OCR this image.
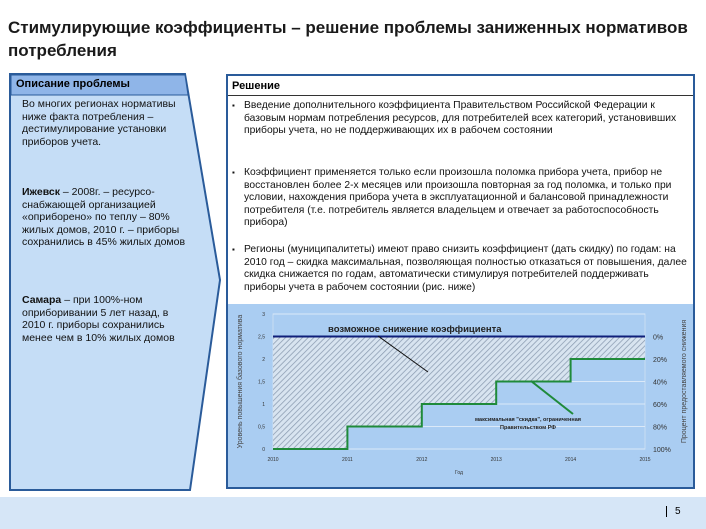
Стимулирующие коэффициенты – решение проблемы заниженных нормативов потребления
Описание проблемы
Во многих регионах нормативы ниже факта потребления – дестимулирование установки приборов учета.
Ижевск – 2008г. – ресурсо-снабжающей организацией «оприборено» по теплу – 80% жилых домов, 2010 г. – приборы сохранились в 45% жилых домов
Самара – при 100%-ном оприборивании 5 лет назад, в 2010 г. приборы сохранились менее чем в 10% жилых домов
Решение
▪ Введение дополнительного коэффициента Правительством Российской Федерации к базовым нормам потребления ресурсов, для потребителей всех категорий, установивших приборы учета, но не поддерживающих их в рабочем состоянии
▪ Коэффициент применяется только если произошла поломка прибора учета, прибор не восстановлен более 2-х месяцев или произошла повторная за год поломка, и только при условии, нахождения прибора учета в эксплуатационной и балансовой принадлежности потребителя (т.е. потребитель является владельцем и отвечает за работоспособность прибора)
▪ Регионы (муниципалитеты) имеют право снизить коэффициент (дать скидку) по годам: на 2010 год – скидка максимальная, позволяющая полностью отказаться от повышения, далее скидка снижается по годам, автоматически стимулируя потребителей поддерживать приборы учета в рабочем состоянии (рис. ниже)
0
0,5
1
1,5
2
2,5
3
2010	2011	2012	2013	2014	2015
0%
20%
40%
60%
80%
100%
Год
Уровень повышения базового норматива	Процент предоставляемого снижения
возможное снижение коэффициента
максимальная "скидка", ограниченная
Правительством РФ
5
